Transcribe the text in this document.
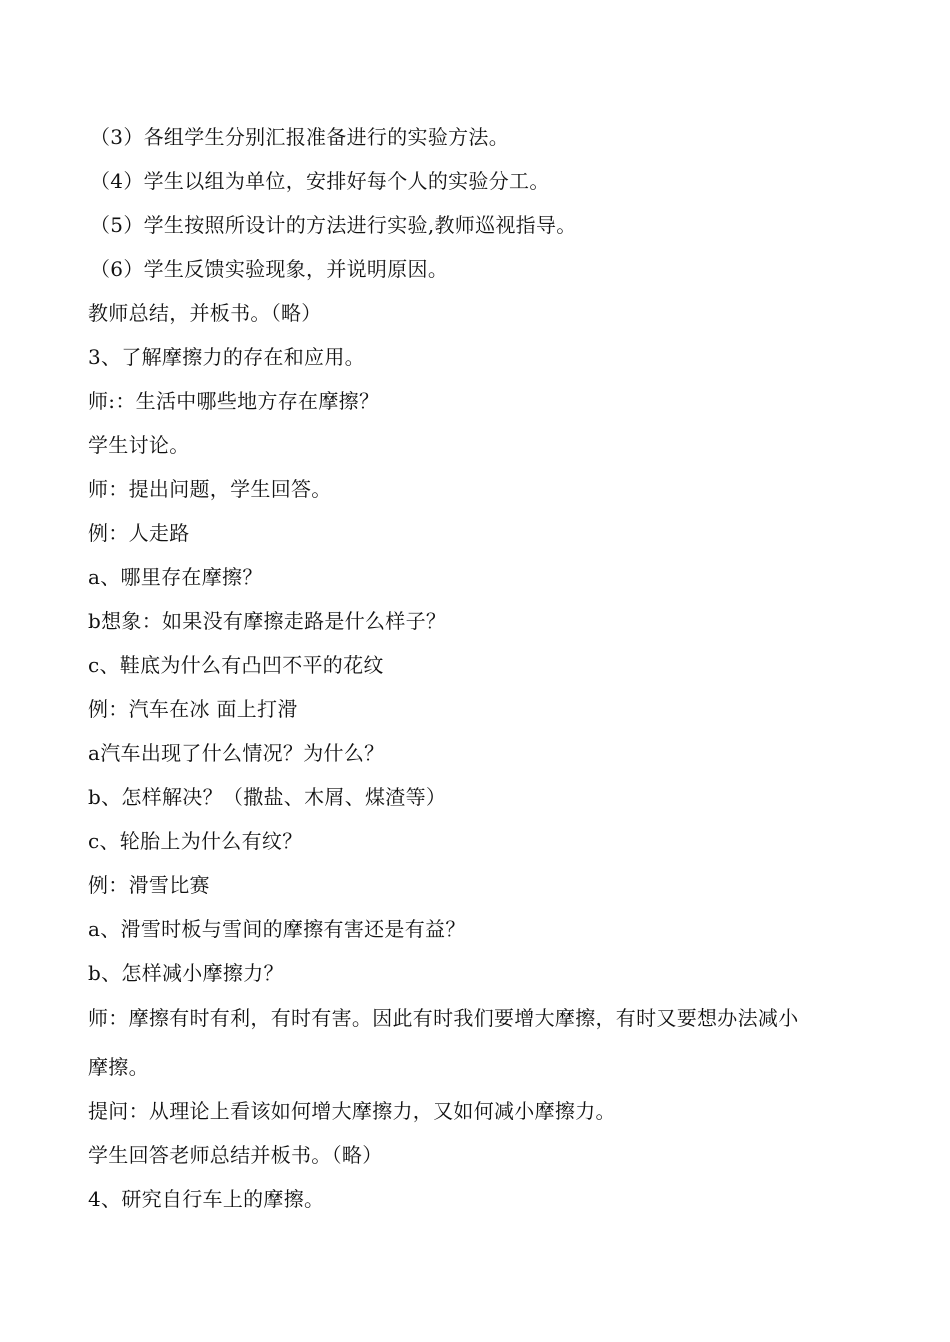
（3）各组学生分别汇报准备进行的实验方法。

（4）学生以组为单位，安排好每个人的实验分工。

（5）学生按照所设计的方法进行实验,教师巡视指导。

（6）学生反馈实验现象，并说明原因。

教师总结，并板书。（略）

3、了解摩擦力的存在和应用。

师:：生活中哪些地方存在摩擦？

学生讨论。

师：提出问题，学生回答。

例：人走路

a、哪里存在摩擦？

b想象：如果没有摩擦走路是什么样子？

c、鞋底为什么有凸凹不平的花纹

例：汽车在冰 面上打滑

a汽车出现了什么情况？为什么？

b、怎样解决？（撒盐、木屑、煤渣等）

c、轮胎上为什么有纹？

例：滑雪比赛

a、滑雪时板与雪间的摩擦有害还是有益？

b、怎样减小摩擦力？

师：摩擦有时有利，有时有害。因此有时我们要增大摩擦，有时又要想办法减小

摩擦。

提问：从理论上看该如何增大摩擦力，又如何减小摩擦力。

学生回答老师总结并板书。（略）

4、研究自行车上的摩擦。
